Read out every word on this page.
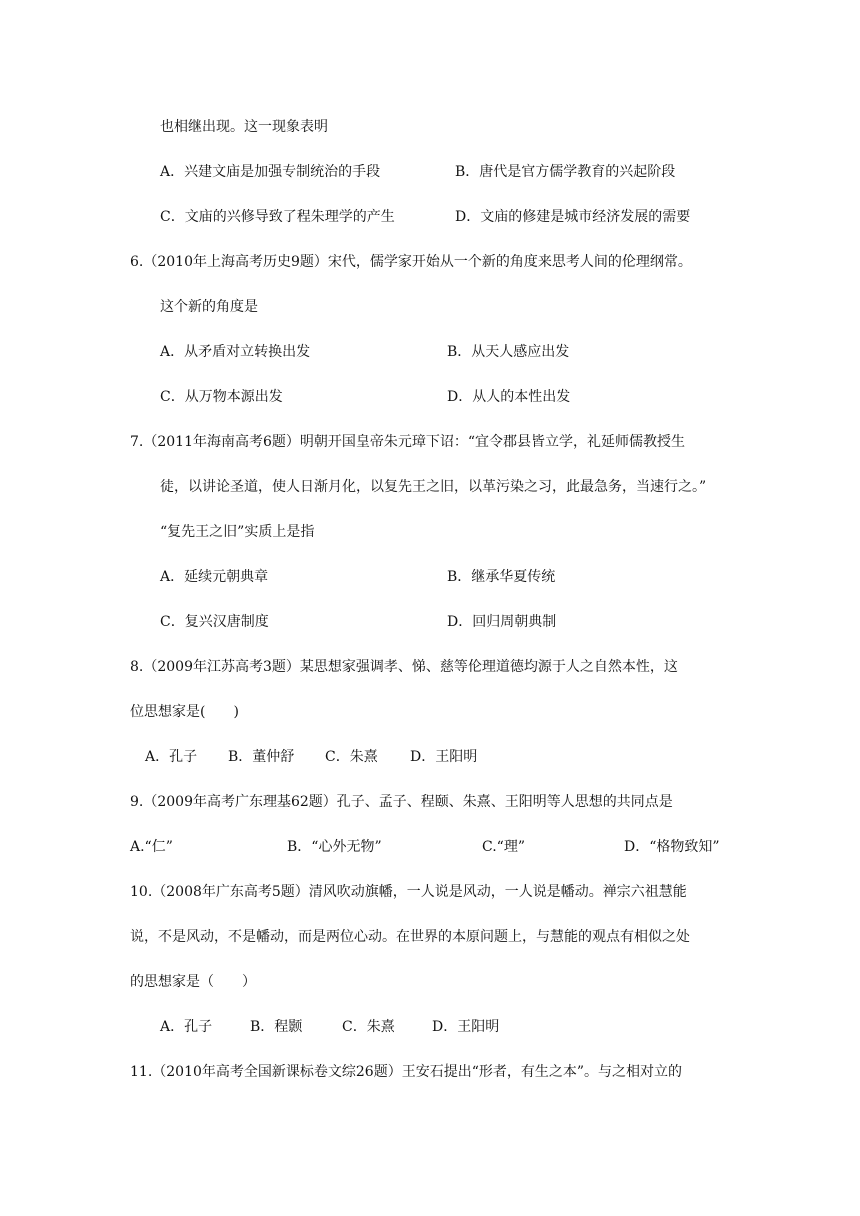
也相继出现。这一现象表明
A．兴建文庙是加强专制统治的手段	B．唐代是官方儒学教育的兴起阶段
C．文庙的兴修导致了程朱理学的产生	D．文庙的修建是城市经济发展的需要
6.（2010年上海高考历史9题）宋代，儒学家开始从一个新的角度来思考人间的伦理纲常。
这个新的角度是
A．从矛盾对立转换出发	B．从天人感应出发
C．从万物本源出发	D．从人的本性出发
7.（2011年海南高考6题）明朝开国皇帝朱元璋下诏：“宜令郡县皆立学，礼延师儒教授生
徒，以讲论圣道，使人日渐月化，以复先王之旧，以革污染之习，此最急务，当速行之。”
“复先王之旧”实质上是指
A．延续元朝典章	B．继承华夏传统
C．复兴汉唐制度	D．回归周朝典制
8.（2009年江苏高考3题）某思想家强调孝、悌、慈等伦理道德均源于人之自然本性，这
位思想家是(　　)
A．孔子 B．董仲舒 C．朱熹 D．王阳明
9.（2009年高考广东理基62题）孔子、孟子、程颐、朱熹、王阳明等人思想的共同点是
A.“仁”	B．“心外无物”	C.“理”	D．“格物致知”
10.（2008年广东高考5题）清风吹动旗幡，一人说是风动，一人说是幡动。禅宗六祖慧能
说，不是风动，不是幡动，而是两位心动。在世界的本原问题上，与慧能的观点有相似之处
的思想家是（　　）
A．孔子	B．程颢	C．朱熹	D．王阳明
11.（2010年高考全国新课标卷文综26题）王安石提出“形者，有生之本”。与之相对立的
